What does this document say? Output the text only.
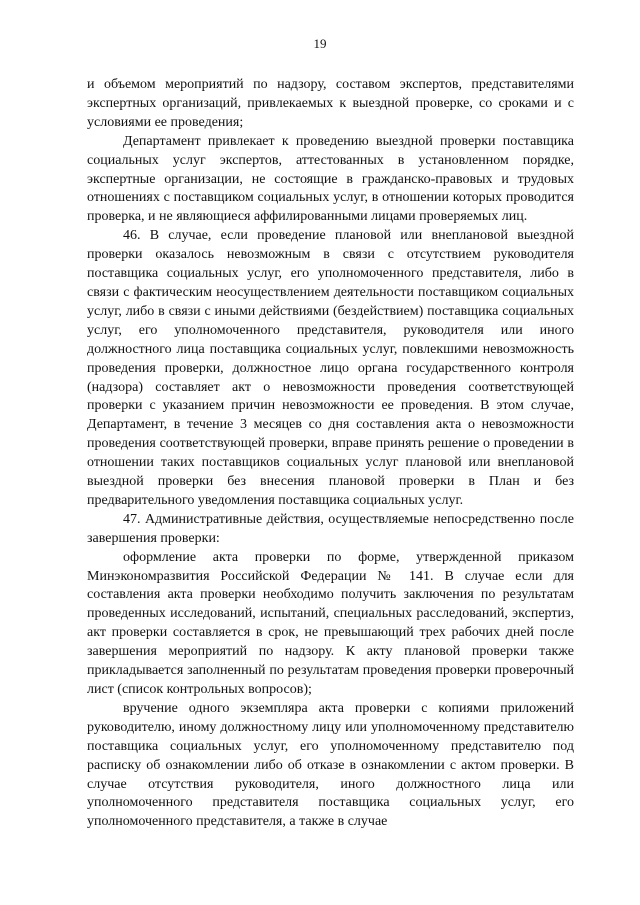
19

и объемом мероприятий по надзору, составом экспертов, представителями экспертных организаций, привлекаемых к выездной проверке, со сроками и с условиями ее проведения;

Департамент привлекает к проведению выездной проверки поставщика социальных услуг экспертов, аттестованных в установленном порядке, экспертные организации, не состоящие в гражданско-правовых и трудовых отношениях с поставщиком социальных услуг, в отношении которых проводится проверка, и не являющиеся аффилированными лицами проверяемых лиц.

46. В случае, если проведение плановой или внеплановой выездной проверки оказалось невозможным в связи с отсутствием руководителя поставщика социальных услуг, его уполномоченного представителя, либо в связи с фактическим неосуществлением деятельности поставщиком социальных услуг, либо в связи с иными действиями (бездействием) поставщика социальных услуг, его уполномоченного представителя, руководителя или иного должностного лица поставщика социальных услуг, повлекшими невозможность проведения проверки, должностное лицо органа государственного контроля (надзора) составляет акт о невозможности проведения соответствующей проверки с указанием причин невозможности ее проведения. В этом случае, Департамент, в течение 3 месяцев со дня составления акта о невозможности проведения соответствующей проверки, вправе принять решение о проведении в отношении таких поставщиков социальных услуг плановой или внеплановой выездной проверки без внесения плановой проверки в План и без предварительного уведомления поставщика социальных услуг.

47. Административные действия, осуществляемые непосредственно после завершения проверки:

оформление акта проверки по форме, утвержденной приказом Минэкономразвития Российской Федерации № 141. В случае если для составления акта проверки необходимо получить заключения по результатам проведенных исследований, испытаний, специальных расследований, экспертиз, акт проверки составляется в срок, не превышающий трех рабочих дней после завершения мероприятий по надзору. К акту плановой проверки также прикладывается заполненный по результатам проведения проверки проверочный лист (список контрольных вопросов);

вручение одного экземпляра акта проверки с копиями приложений руководителю, иному должностному лицу или уполномоченному представителю поставщика социальных услуг, его уполномоченному представителю под расписку об ознакомлении либо об отказе в ознакомлении с актом проверки. В случае отсутствия руководителя, иного должностного лица или уполномоченного представителя поставщика социальных услуг, его уполномоченного представителя, а также в случае
